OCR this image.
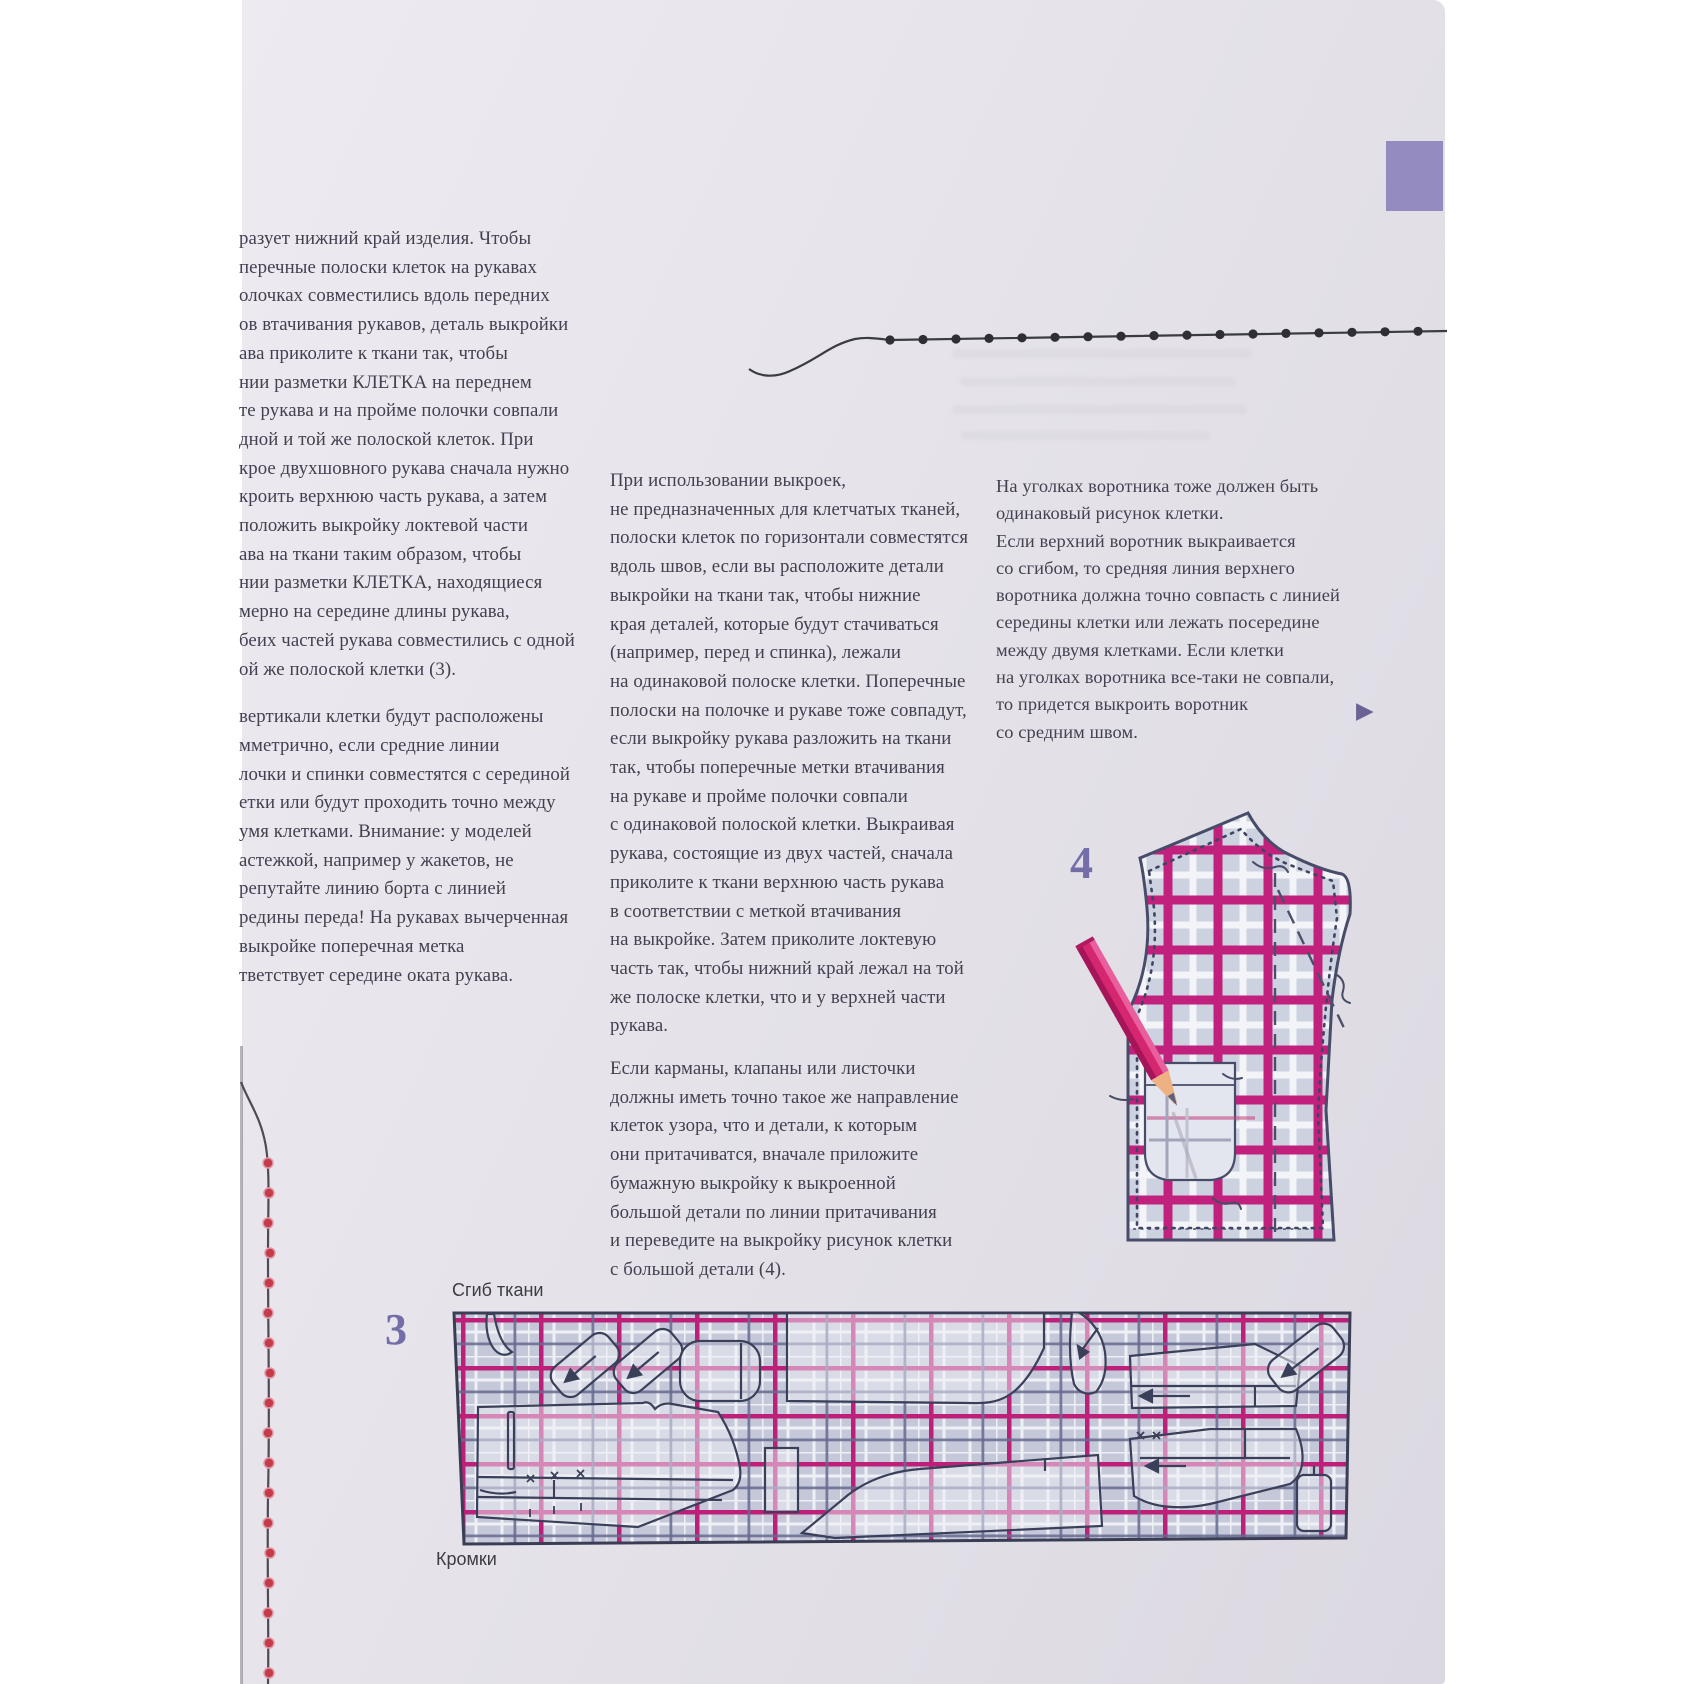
разует нижний край изделия. Чтобы
перечные полоски клеток на рукавах
олочках совместились вдоль передних
ов втачивания рукавов, деталь выкройки
ава приколите к ткани так, чтобы
нии разметки КЛЕТКА на переднем
те рукава и на пройме полочки совпали
дной и той же полоской клеток. При
крое двухшовного рукава сначала нужно
кроить верхнюю часть рукава, а затем
положить выкройку локтевой части
ава на ткани таким образом, чтобы
нии разметки КЛЕТКА, находящиеся
мерно на середине длины рукава,
беих частей рукава совместились с одной
ой же полоской клетки (3).
вертикали клетки будут расположены
мметрично, если средние линии
лочки и спинки совместятся с серединой
етки или будут проходить точно между
умя клетками. Внимание: у моделей
астежкой, например у жакетов, не
репутайте линию борта с линией
редины переда! На рукавах вычерченная
выкройке поперечная метка
тветствует середине оката рукава.
При использовании выкроек,
не предназначенных для клетчатых тканей,
полоски клеток по горизонтали совместятся
вдоль швов, если вы расположите детали
выкройки на ткани так, чтобы нижние
края деталей, которые будут стачиваться
(например, перед и спинка), лежали
на одинаковой полоске клетки. Поперечные
полоски на полочке и рукаве тоже совпадут,
если выкройку рукава разложить на ткани
так, чтобы поперечные метки втачивания
на рукаве и пройме полочки совпали
с одинаковой полоской клетки. Выкраивая
рукава, состоящие из двух частей, сначала
приколите к ткани верхнюю часть рукава
в соответствии с меткой втачивания
на выкройке. Затем приколите локтевую
часть так, чтобы нижний край лежал на той
же полоске клетки, что и у верхней части
рукава.
Если карманы, клапаны или листочки
должны иметь точно такое же направление
клеток узора, что и детали, к которым
они притачиватся, вначале приложите
бумажную выкройку к выкроенной
большой детали по линии притачивания
и переведите на выкройку рисунок клетки
с большой детали (4).
На уголках воротника тоже должен быть
одинаковый рисунок клетки.
Если верхний воротник выкраивается
со сгибом, то средняя линия верхнего
воротника должна точно совпасть с линией
середины клетки или лежать посередине
между двумя клетками. Если клетки
на уголках воротника все-таки не совпали,
то придется выкроить воротник
со средним швом.
▶
4
3
Сгиб ткани
Кромки
